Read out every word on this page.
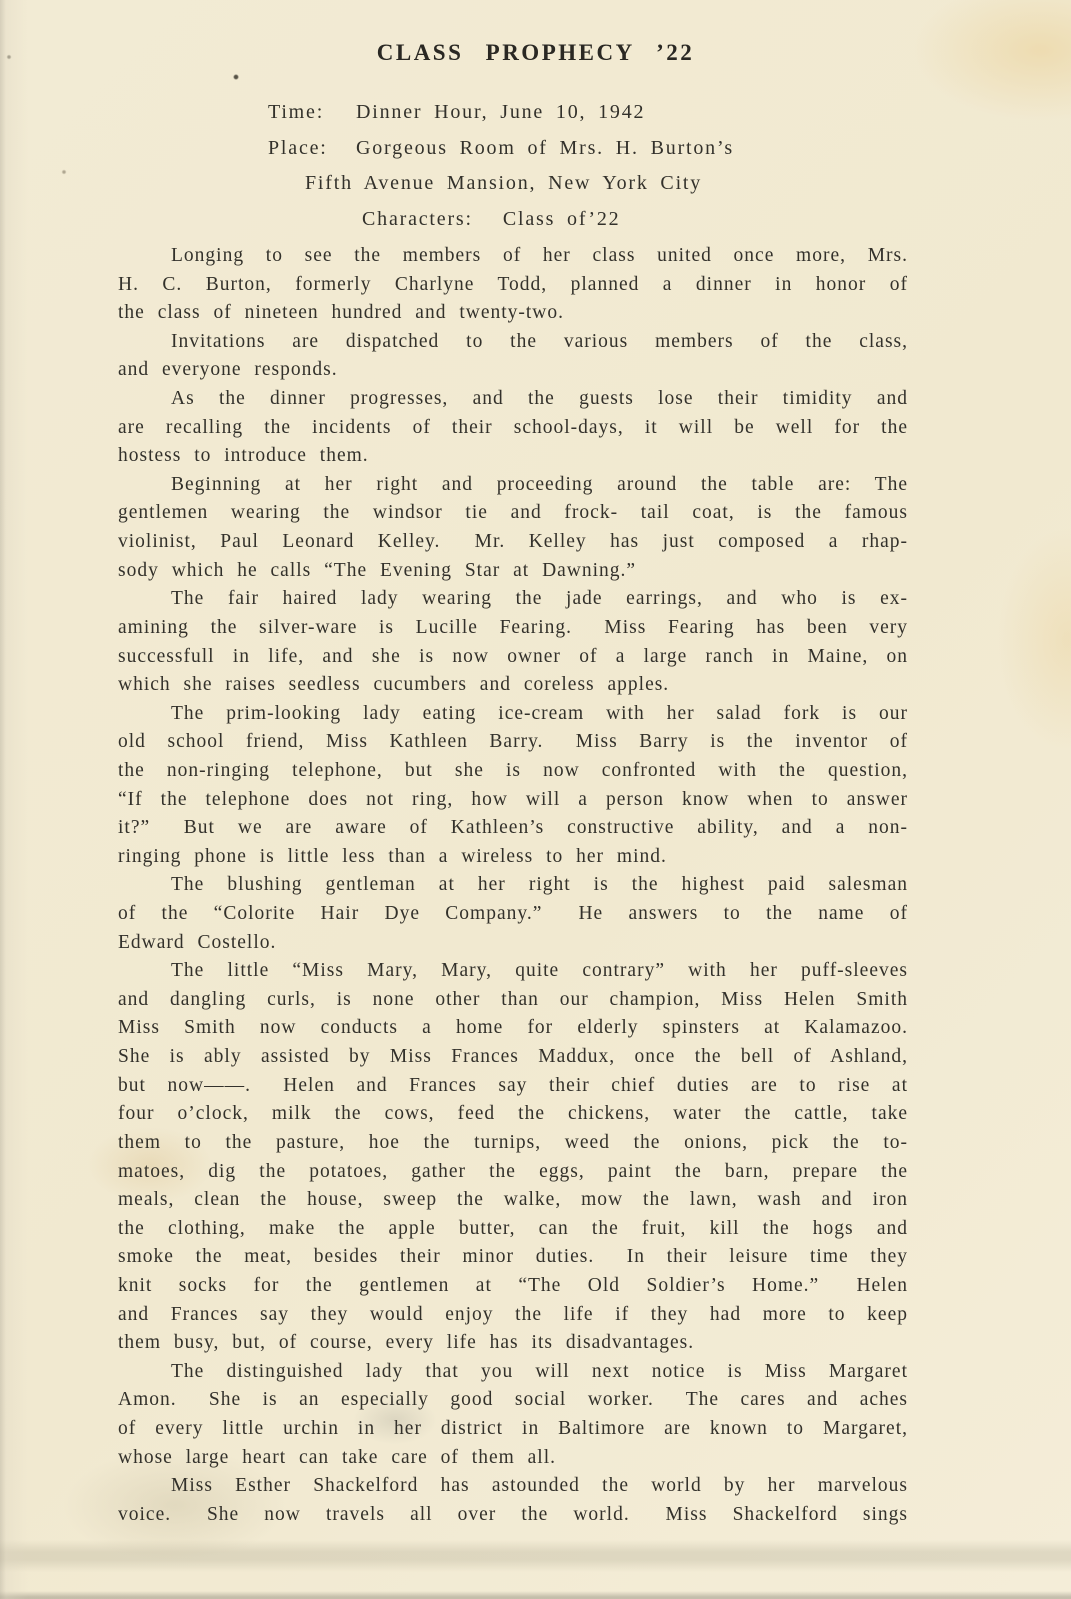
CLASS PROPHECY ’22
Time: Dinner Hour, June 10, 1942
Place: Gorgeous Room of Mrs. H. Burton’s
Fifth Avenue Mansion, New York City
Characters: Class of’22
Longing to see the members of her class united once more, Mrs.
H. C. Burton, formerly Charlyne Todd, planned a dinner in honor of
the class of nineteen hundred and twenty-two.
Invitations are dispatched to the various members of the class,
and everyone responds.
As the dinner progresses, and the guests lose their timidity and
are recalling the incidents of their school-days, it will be well for the
hostess to introduce them.
Beginning at her right and proceeding around the table are: The
gentlemen wearing the windsor tie and frock- tail coat, is the famous
violinist, Paul Leonard Kelley.  Mr. Kelley has just composed a rhap-
sody which he calls “The Evening Star at Dawning.”
The fair haired lady wearing the jade earrings, and who is ex-
amining the silver-ware is Lucille Fearing.  Miss Fearing has been very
successfull in life, and she is now owner of a large ranch in Maine, on
which she raises seedless cucumbers and coreless apples.
The prim-looking lady eating ice-cream with her salad fork is our
old school friend, Miss Kathleen Barry.  Miss Barry is the inventor of
the non-ringing telephone, but she is now confronted with the question,
“If the telephone does not ring, how will a person know when to answer
it?”  But we are aware of Kathleen’s constructive ability, and a non-
ringing phone is little less than a wireless to her mind.
The blushing gentleman at her right is the highest paid salesman
of the “Colorite Hair Dye Company.”  He answers to the name of
Edward Costello.
The little “Miss Mary, Mary, quite contrary” with her puff-sleeves
and dangling curls, is none other than our champion, Miss Helen Smith
Miss Smith now conducts a home for elderly spinsters at Kalamazoo.
She is ably assisted by Miss Frances Maddux, once the bell of Ashland,
but now——.  Helen and Frances say their chief duties are to rise at
four o’clock, milk the cows, feed the chickens, water the cattle, take
them to the pasture, hoe the turnips, weed the onions, pick the to-
matoes, dig the potatoes, gather the eggs, paint the barn, prepare the
meals, clean the house, sweep the walke, mow the lawn, wash and iron
the clothing, make the apple butter, can the fruit, kill the hogs and
smoke the meat, besides their minor duties.  In their leisure time they
knit socks for the gentlemen at “The Old Soldier’s Home.”  Helen
and Frances say they would enjoy the life if they had more to keep
them busy, but, of course, every life has its disadvantages.
The distinguished lady that you will next notice is Miss Margaret
Amon.  She is an especially good social worker.  The cares and aches
of every little urchin in her district in Baltimore are known to Margaret,
whose large heart can take care of them all.
Miss Esther Shackelford has astounded the world by her marvelous
voice.  She now travels all over the world.  Miss Shackelford sings
